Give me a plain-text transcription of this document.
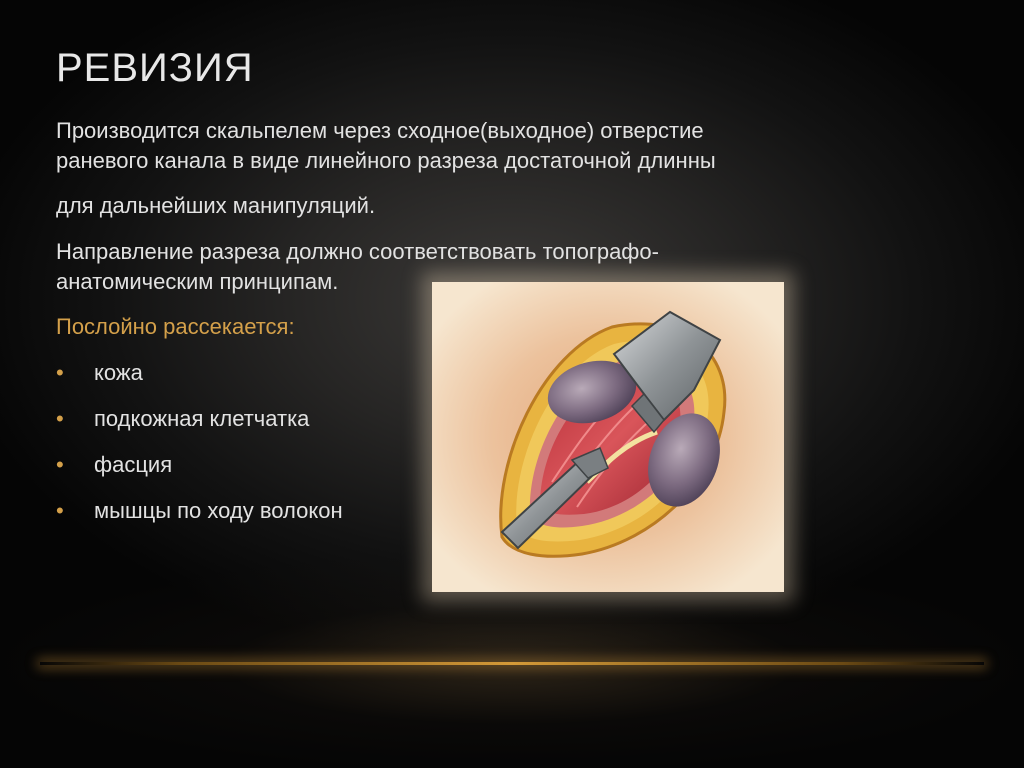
РЕВИЗИЯ
Производится скальпелем через сходное(выходное) отверстие
раневого канала в виде линейного разреза достаточной длинны
для дальнейших манипуляций.
Направление разреза должно соответствовать топографо-
анатомическим принципам.
Послойно рассекается:
• кожа
• подкожная клетчатка
• фасция
• мышцы по ходу волокон
